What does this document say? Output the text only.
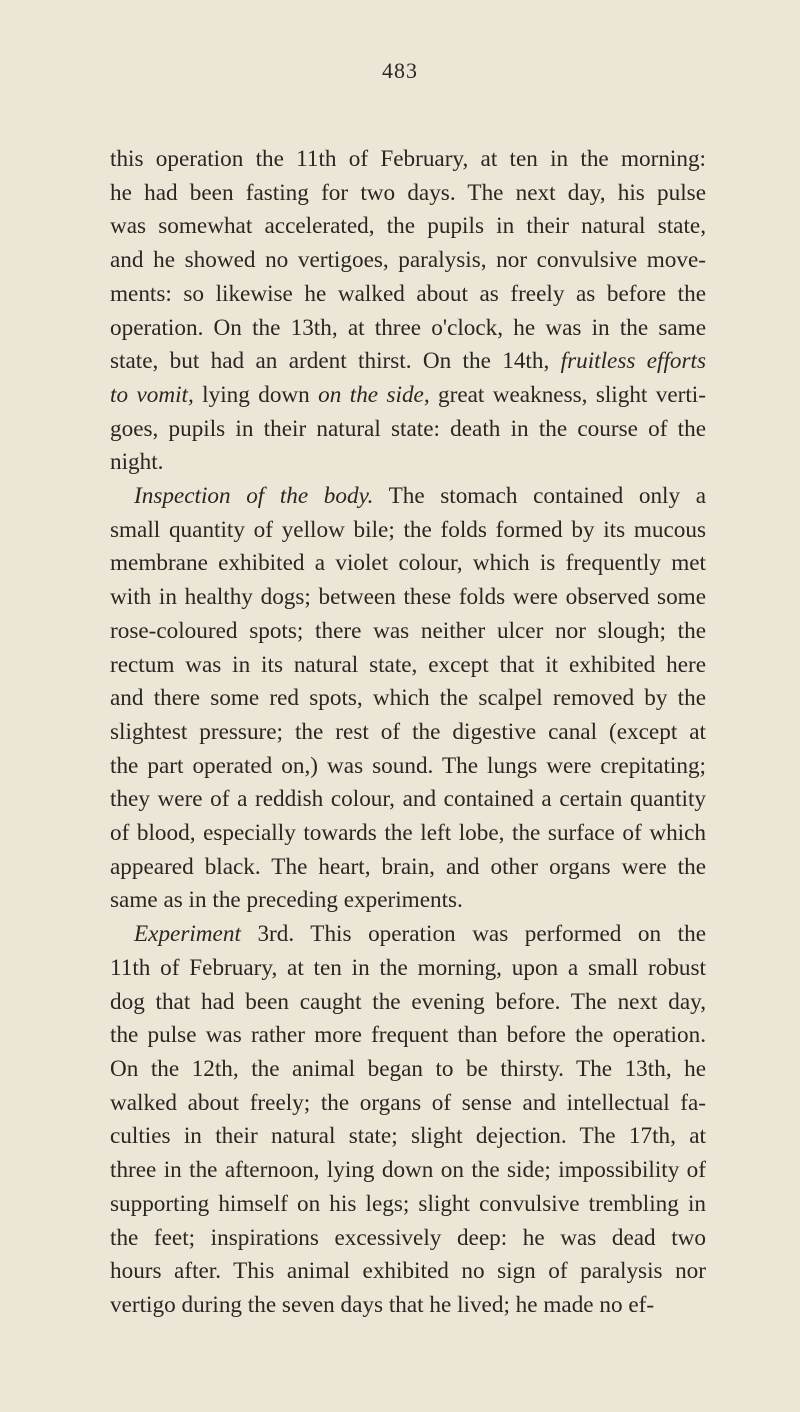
483
this operation the 11th of February, at ten in the morning:
he had been fasting for two days. The next day, his pulse
was somewhat accelerated, the pupils in their natural state,
and he showed no vertigoes, paralysis, nor convulsive move-
ments: so likewise he walked about as freely as before the
operation. On the 13th, at three o'clock, he was in the same
state, but had an ardent thirst. On the 14th, fruitless efforts
to vomit, lying down on the side, great weakness, slight verti-
goes, pupils in their natural state: death in the course of the
night.
Inspection of the body. The stomach contained only a
small quantity of yellow bile; the folds formed by its mucous
membrane exhibited a violet colour, which is frequently met
with in healthy dogs; between these folds were observed some
rose-coloured spots; there was neither ulcer nor slough; the
rectum was in its natural state, except that it exhibited here
and there some red spots, which the scalpel removed by the
slightest pressure; the rest of the digestive canal (except at
the part operated on,) was sound. The lungs were crepitating;
they were of a reddish colour, and contained a certain quantity
of blood, especially towards the left lobe, the surface of which
appeared black. The heart, brain, and other organs were the
same as in the preceding experiments.
Experiment 3rd. This operation was performed on the
11th of February, at ten in the morning, upon a small robust
dog that had been caught the evening before. The next day,
the pulse was rather more frequent than before the operation.
On the 12th, the animal began to be thirsty. The 13th, he
walked about freely; the organs of sense and intellectual fa-
culties in their natural state; slight dejection. The 17th, at
three in the afternoon, lying down on the side; impossibility of
supporting himself on his legs; slight convulsive trembling in
the feet; inspirations excessively deep: he was dead two
hours after. This animal exhibited no sign of paralysis nor
vertigo during the seven days that he lived; he made no ef-
